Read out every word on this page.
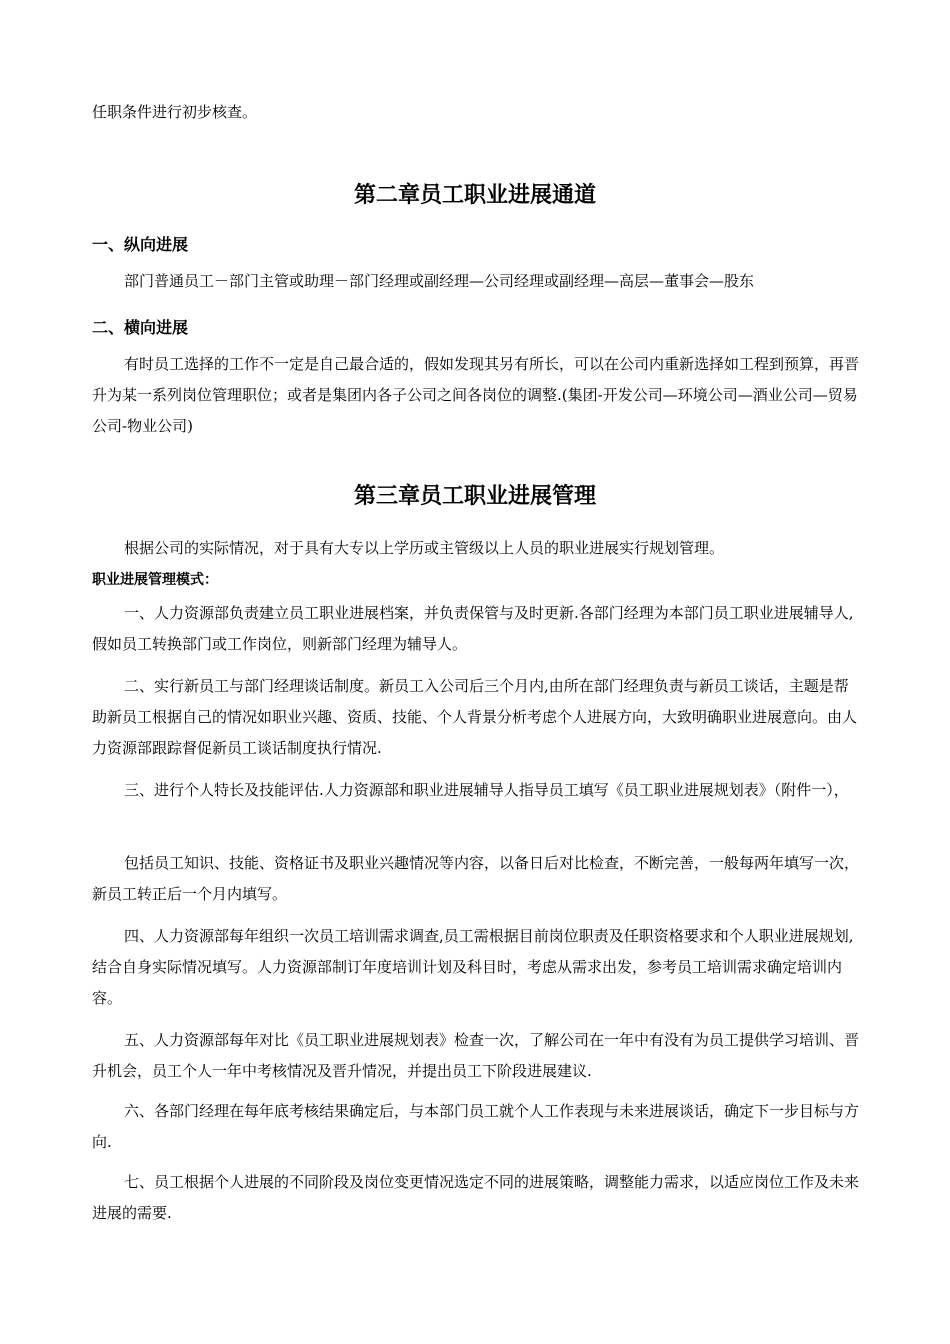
任职条件进行初步核查。

第二章员工职业进展通道
一、纵向进展

部门普通员工－部门主管或助理－部门经理或副经理—公司经理或副经理—高层—董事会—股东

二、横向进展

有时员工选择的工作不一定是自己最合适的，假如发现其另有所长，可以在公司内重新选择如工程到预算，再晋升为某一系列岗位管理职位；或者是集团内各子公司之间各岗位的调整.(集团-开发公司—环境公司—酒业公司—贸易公司-物业公司)

第三章员工职业进展管理

根据公司的实际情况，对于具有大专以上学历或主管级以上人员的职业进展实行规划管理。

职业进展管理模式：

一、人力资源部负责建立员工职业进展档案，并负责保管与及时更新.各部门经理为本部门员工职业进展辅导人,假如员工转换部门或工作岗位，则新部门经理为辅导人。

二、实行新员工与部门经理谈话制度。新员工入公司后三个月内,由所在部门经理负责与新员工谈话，主题是帮助新员工根据自己的情况如职业兴趣、资质、技能、个人背景分析考虑个人进展方向，大致明确职业进展意向。由人力资源部跟踪督促新员工谈话制度执行情况.

三、进行个人特长及技能评估.人力资源部和职业进展辅导人指导员工填写《员工职业进展规划表》（附件一），

包括员工知识、技能、资格证书及职业兴趣情况等内容，以备日后对比检查，不断完善，一般每两年填写一次，新员工转正后一个月内填写。

四、人力资源部每年组织一次员工培训需求调查,员工需根据目前岗位职责及任职资格要求和个人职业进展规划,结合自身实际情况填写。人力资源部制订年度培训计划及科目时，考虑从需求出发，参考员工培训需求确定培训内容。

五、人力资源部每年对比《员工职业进展规划表》检查一次，了解公司在一年中有没有为员工提供学习培训、晋升机会，员工个人一年中考核情况及晋升情况，并提出员工下阶段进展建议.

六、各部门经理在每年底考核结果确定后，与本部门员工就个人工作表现与未来进展谈话，确定下一步目标与方向.

七、员工根据个人进展的不同阶段及岗位变更情况选定不同的进展策略，调整能力需求，以适应岗位工作及未来进展的需要.
